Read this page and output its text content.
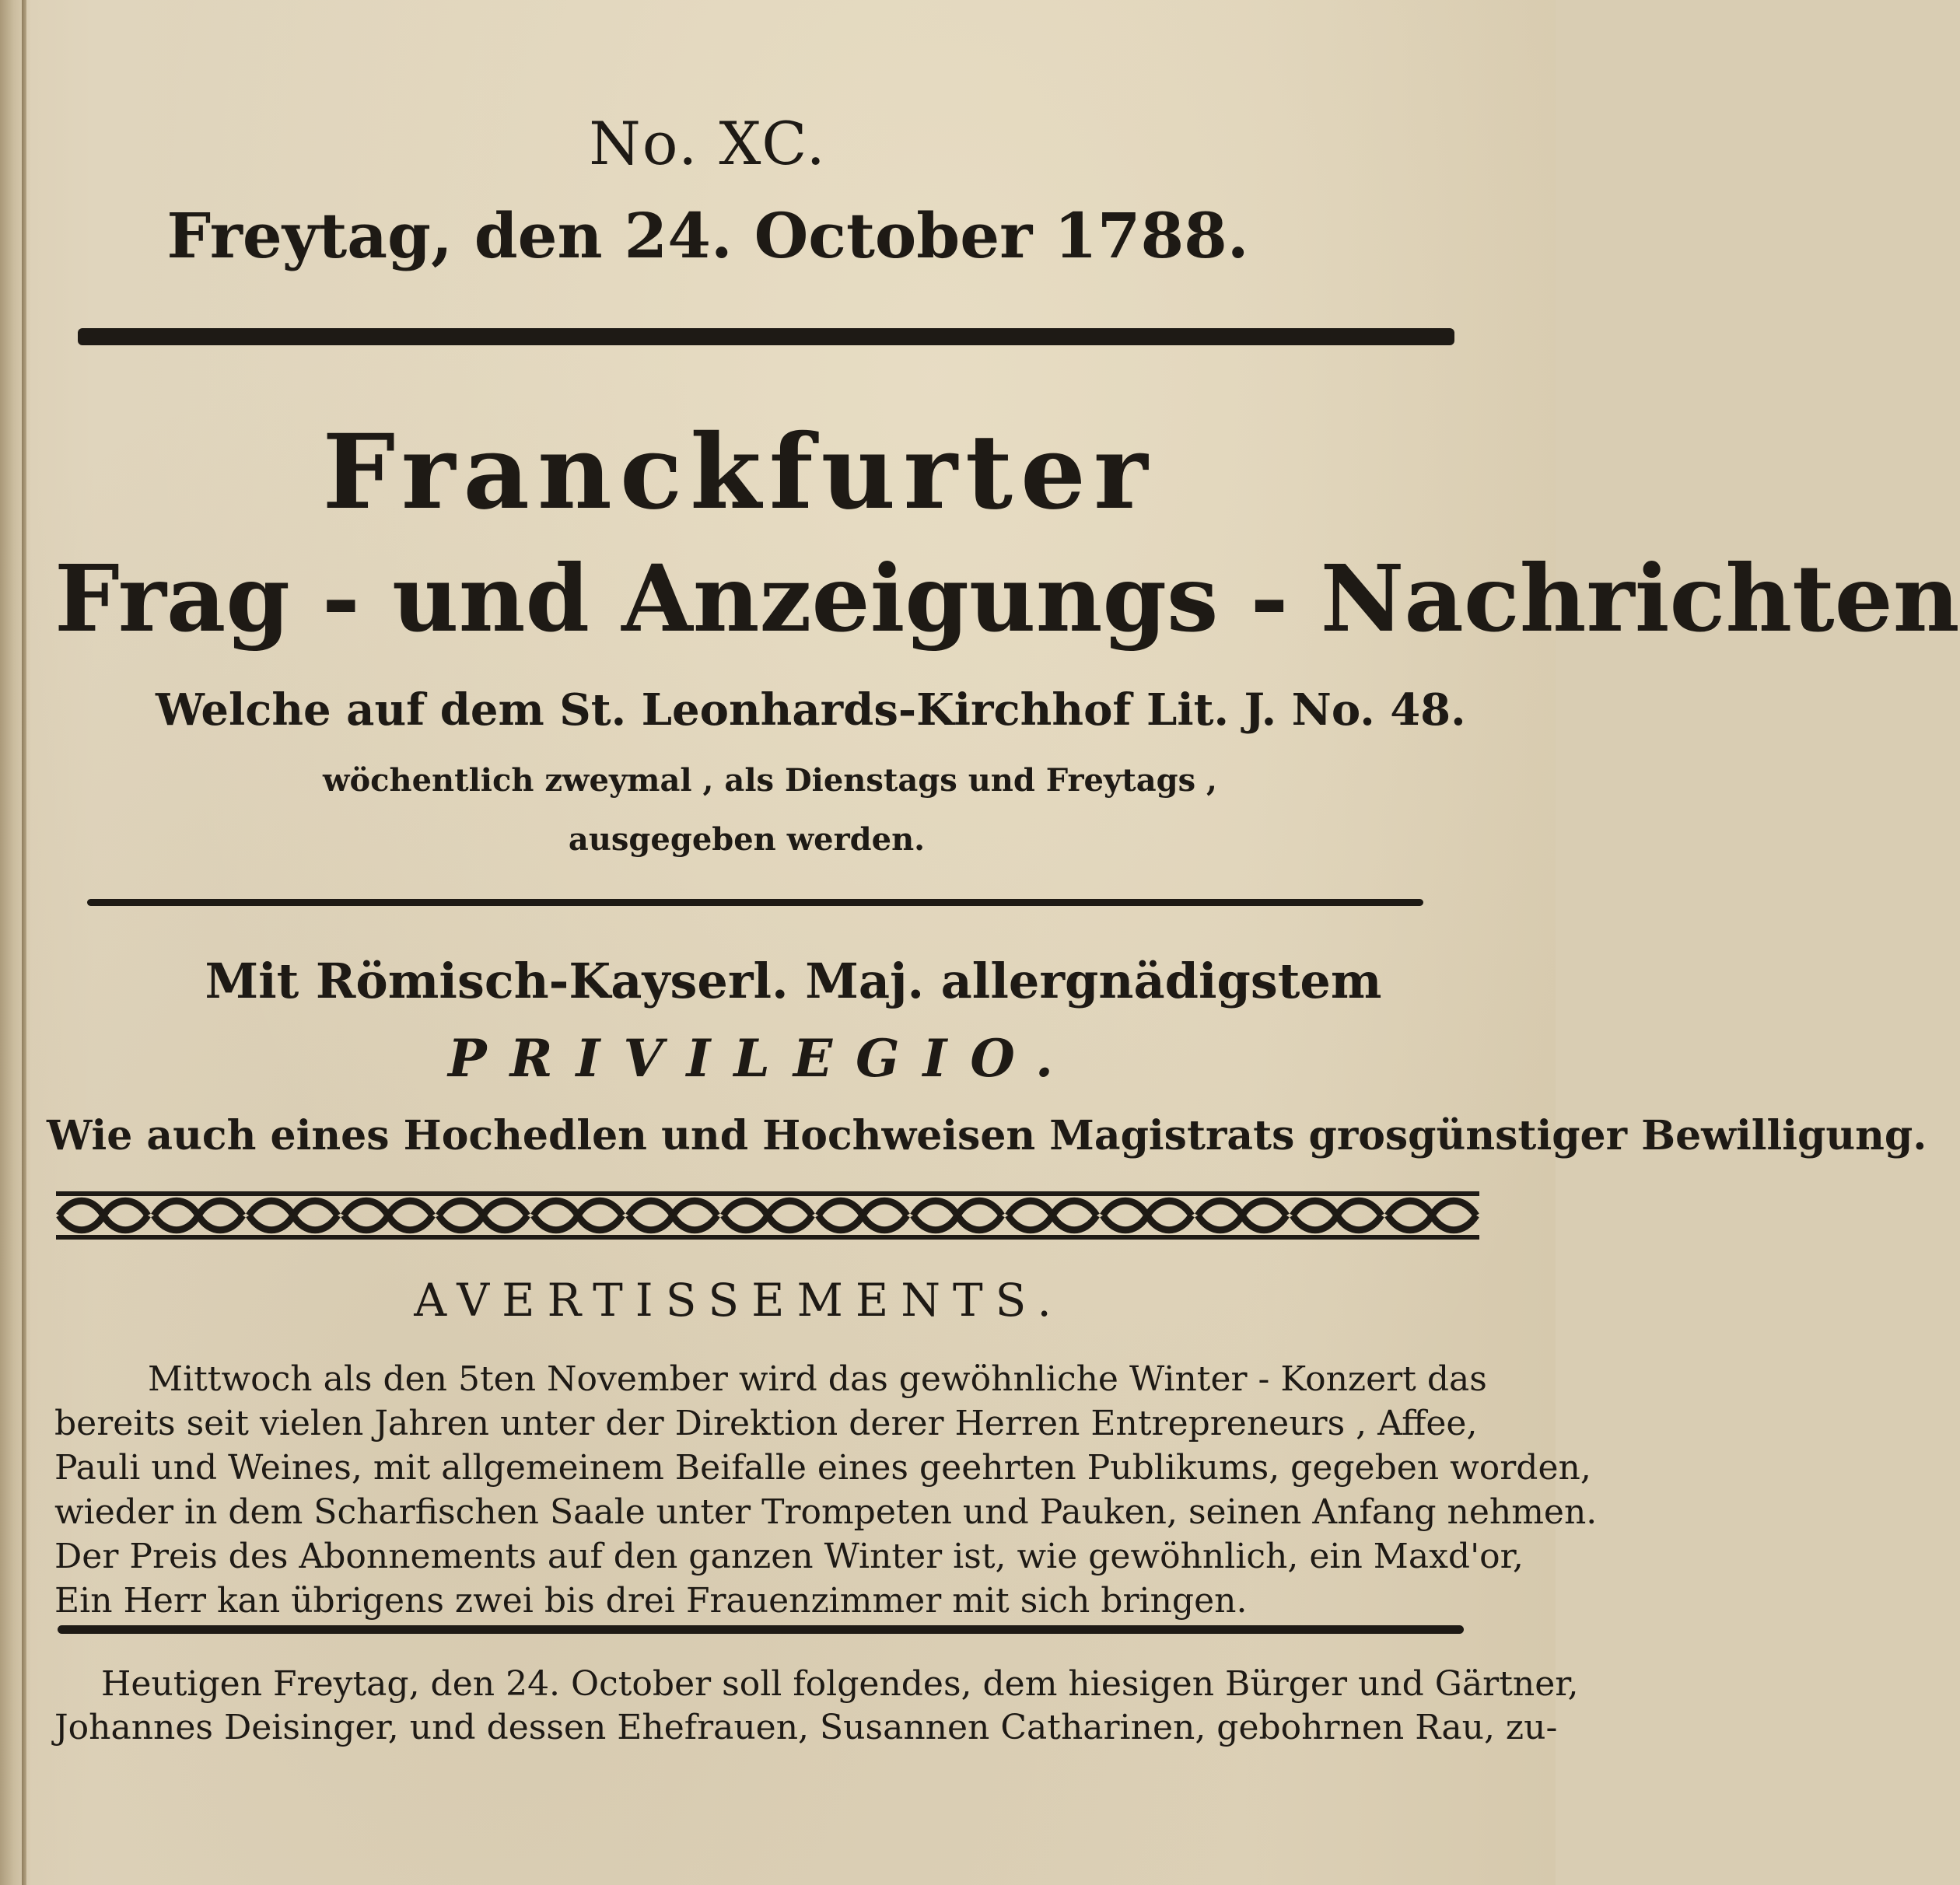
No. XC.
Freytag, den 24. October 1788.
Franckfurter
Frag - und Anzeigungs - Nachrichten
Welche auf dem St. Leonhards-Kirchhof Lit. J. No. 48.
wöchentlich zweymal , als Dienstags und Freytags ,
ausgegeben werden.
Mit Römisch-Kayserl. Maj. allergnädigstem
PRIVILEGIO.
Wie auch eines Hochedlen und Hochweisen Magistrats grosgünstiger Bewilligung.
AVERTISSEMENTS.
Mittwoch als den 5ten November wird das gewöhnliche Winter - Konzert das
bereits seit vielen Jahren unter der Direktion derer Herren Entrepreneurs , Affee,
Pauli und Weines, mit allgemeinem Beifalle eines geehrten Publikums, gegeben worden,
wieder in dem Scharfischen Saale unter Trompeten und Pauken, seinen Anfang nehmen.
Der Preis des Abonnements auf den ganzen Winter ist, wie gewöhnlich, ein Maxd'or,
Ein Herr kan übrigens zwei bis drei Frauenzimmer mit sich bringen.
Heutigen Freytag, den 24. October soll folgendes, dem hiesigen Bürger und Gärtner,
Johannes Deisinger, und dessen Ehefrauen, Susannen Catharinen, gebohrnen Rau, zu-
